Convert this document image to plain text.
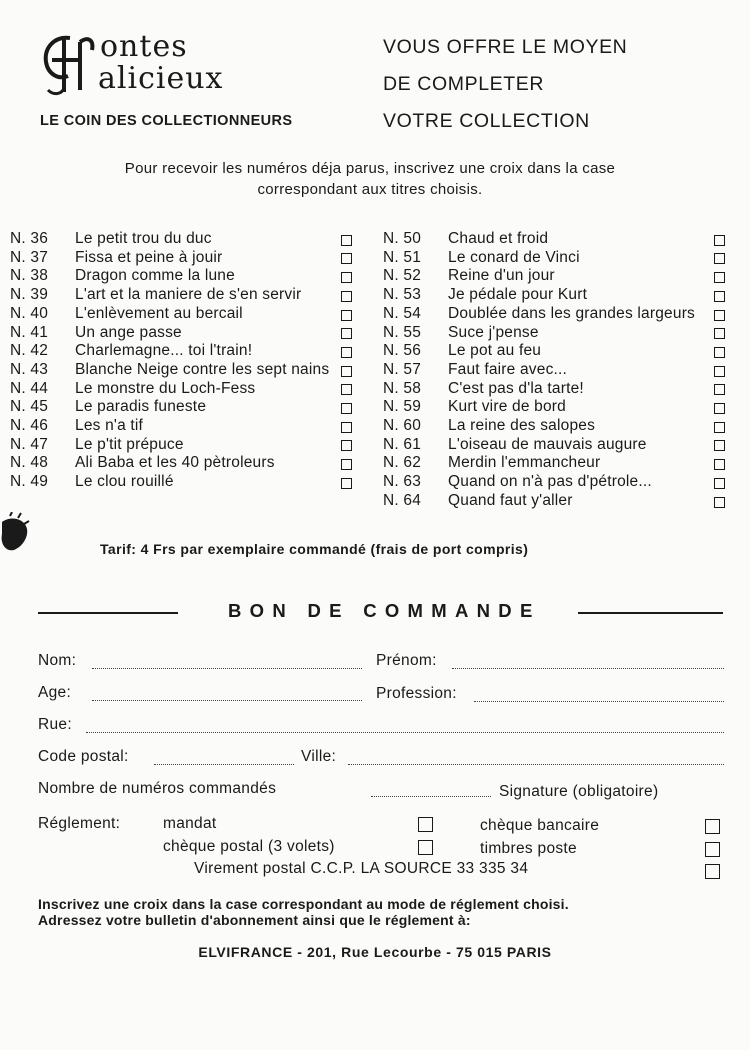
ontes
alicieux
LE COIN DES COLLECTIONNEURS
VOUS OFFRE LE MOYEN
DE COMPLETER
VOTRE COLLECTION
Pour recevoir les numéros déja parus, inscrivez une croix dans la case
correspondant aux titres choisis.
N. 36	Le petit trou du duc
N. 37	Fissa et peine à jouir
N. 38	Dragon comme la lune
N. 39	L'art et la maniere de s'en servir
N. 40	L'enlèvement au bercail
N. 41	Un ange passe
N. 42	Charlemagne... toi l'train!
N. 43	Blanche Neige contre les sept nains
N. 44	Le monstre du Loch-Fess
N. 45	Le paradis funeste
N. 46	Les n'a tif
N. 47	Le p'tit prépuce
N. 48	Ali Baba et les 40 pètroleurs
N. 49	Le clou rouillé
N. 50	Chaud et froid
N. 51	Le conard de Vinci
N. 52	Reine d'un jour
N. 53	Je pédale pour Kurt
N. 54	Doublée dans les grandes largeurs
N. 55	Suce j'pense
N. 56	Le pot au feu
N. 57	Faut faire avec...
N. 58	C'est pas d'la tarte!
N. 59	Kurt vire de bord
N. 60	La reine des salopes
N. 61	L'oiseau de mauvais augure
N. 62	Merdin l'emmancheur
N. 63	Quand on n'à pas d'pétrole...
N. 64	Quand faut y'aller
Tarif: 4 Frs par exemplaire commandé (frais de port compris)
BON DE COMMANDE
Nom:	Prénom:
Age:	Profession:
Rue:
Code postal:	Ville:
Nombre de numéros commandés	Signature (obligatoire)
Réglement:	mandat	chèque bancaire
chèque postal (3 volets)	timbres poste
Virement postal C.C.P. LA SOURCE 33 335 34
Inscrivez une croix dans la case correspondant au mode de réglement choisi.
Adressez votre bulletin d'abonnement ainsi que le réglement à:
ELVIFRANCE - 201, Rue Lecourbe - 75 015 PARIS
